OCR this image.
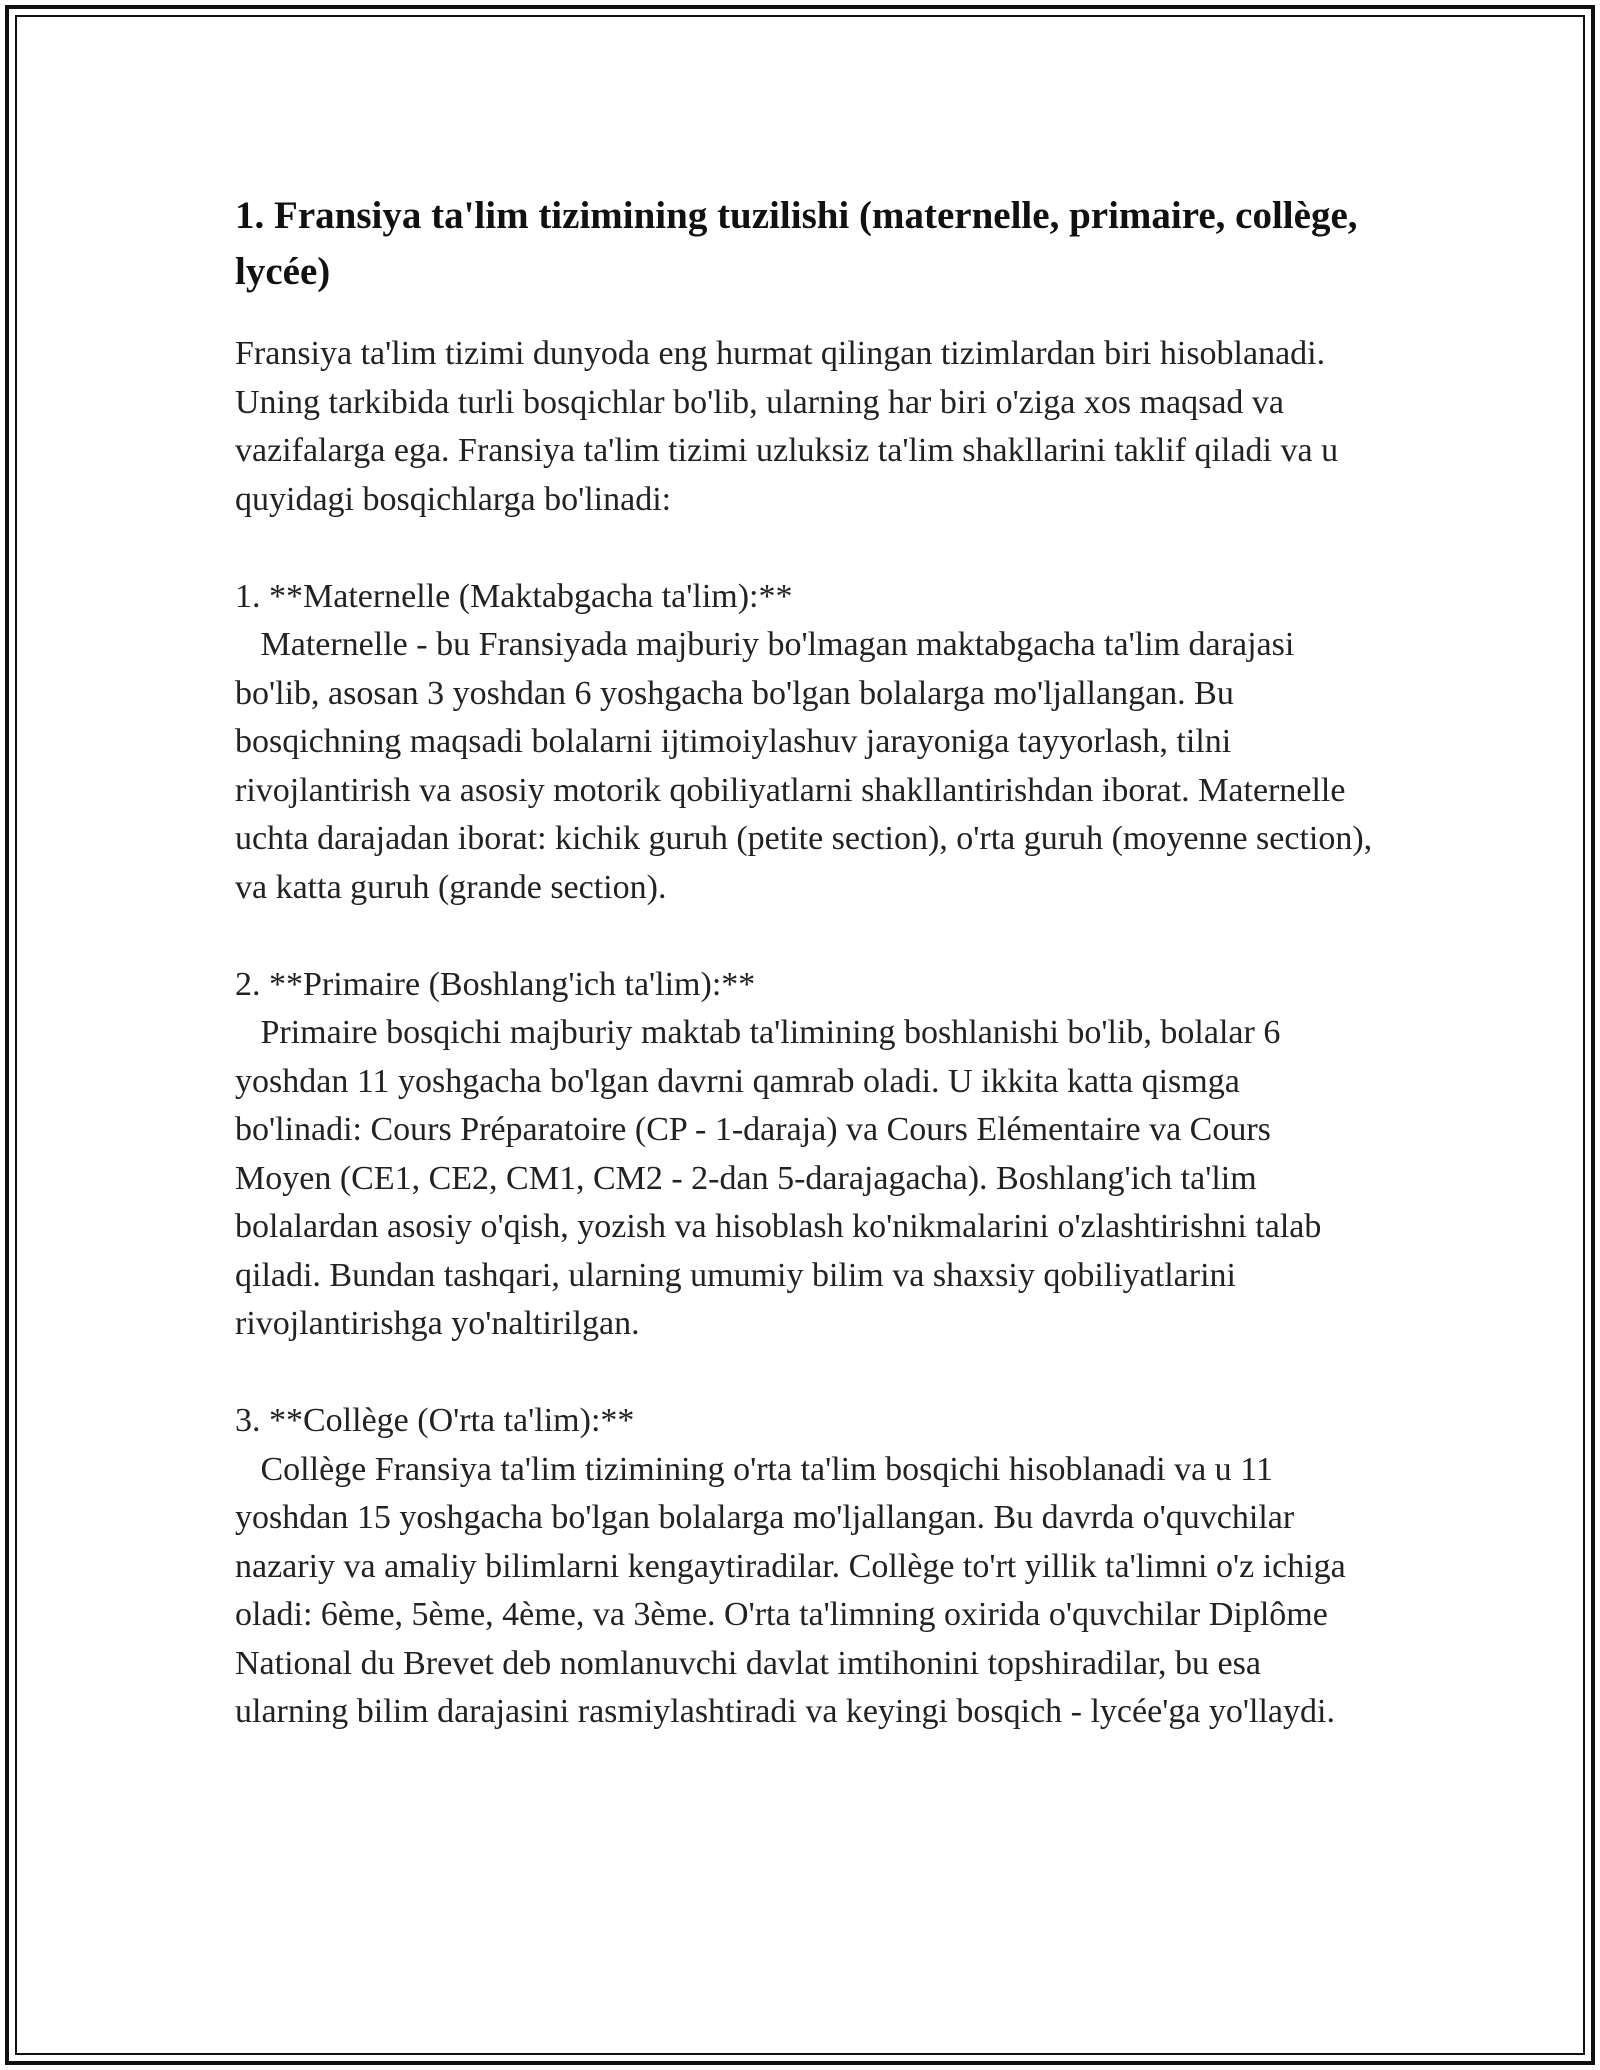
1. Fransiya ta'lim tizimining tuzilishi (maternelle, primaire, collège, lycée)

Fransiya ta'lim tizimi dunyoda eng hurmat qilingan tizimlardan biri hisoblanadi. Uning tarkibida turli bosqichlar bo'lib, ularning har biri o'ziga xos maqsad va vazifalarga ega. Fransiya ta'lim tizimi uzluksiz ta'lim shakllarini taklif qiladi va u quyidagi bosqichlarga bo'linadi:

1. **Maternelle (Maktabgacha ta'lim):**

Maternelle - bu Fransiyada majburiy bo'lmagan maktabgacha ta'lim darajasi bo'lib, asosan 3 yoshdan 6 yoshgacha bo'lgan bolalarga mo'ljallangan. Bu bosqichning maqsadi bolalarni ijtimoiylashuv jarayoniga tayyorlash, tilni rivojlantirish va asosiy motorik qobiliyatlarni shakllantirishdan iborat. Maternelle uchta darajadan iborat: kichik guruh (petite section), o'rta guruh (moyenne section), va katta guruh (grande section).

2. **Primaire (Boshlang'ich ta'lim):**

Primaire bosqichi majburiy maktab ta'limining boshlanishi bo'lib, bolalar 6 yoshdan 11 yoshgacha bo'lgan davrni qamrab oladi. U ikkita katta qismga bo'linadi: Cours Préparatoire (CP - 1-daraja) va Cours Elémentaire va Cours Moyen (CE1, CE2, CM1, CM2 - 2-dan 5-darajagacha). Boshlang'ich ta'lim bolalardan asosiy o'qish, yozish va hisoblash ko'nikmalarini o'zlashtirishni talab qiladi. Bundan tashqari, ularning umumiy bilim va shaxsiy qobiliyatlarini rivojlantirishga yo'naltirilgan.

3. **Collège (O'rta ta'lim):**

Collège Fransiya ta'lim tizimining o'rta ta'lim bosqichi hisoblanadi va u 11 yoshdan 15 yoshgacha bo'lgan bolalarga mo'ljallangan. Bu davrda o'quvchilar nazariy va amaliy bilimlarni kengaytiradilar. Collège to'rt yillik ta'limni o'z ichiga oladi: 6ème, 5ème, 4ème, va 3ème. O'rta ta'limning oxirida o'quvchilar Diplôme National du Brevet deb nomlanuvchi davlat imtihonini topshiradilar, bu esa ularning bilim darajasini rasmiylashtiradi va keyingi bosqich - lycée'ga yo'llaydi.
